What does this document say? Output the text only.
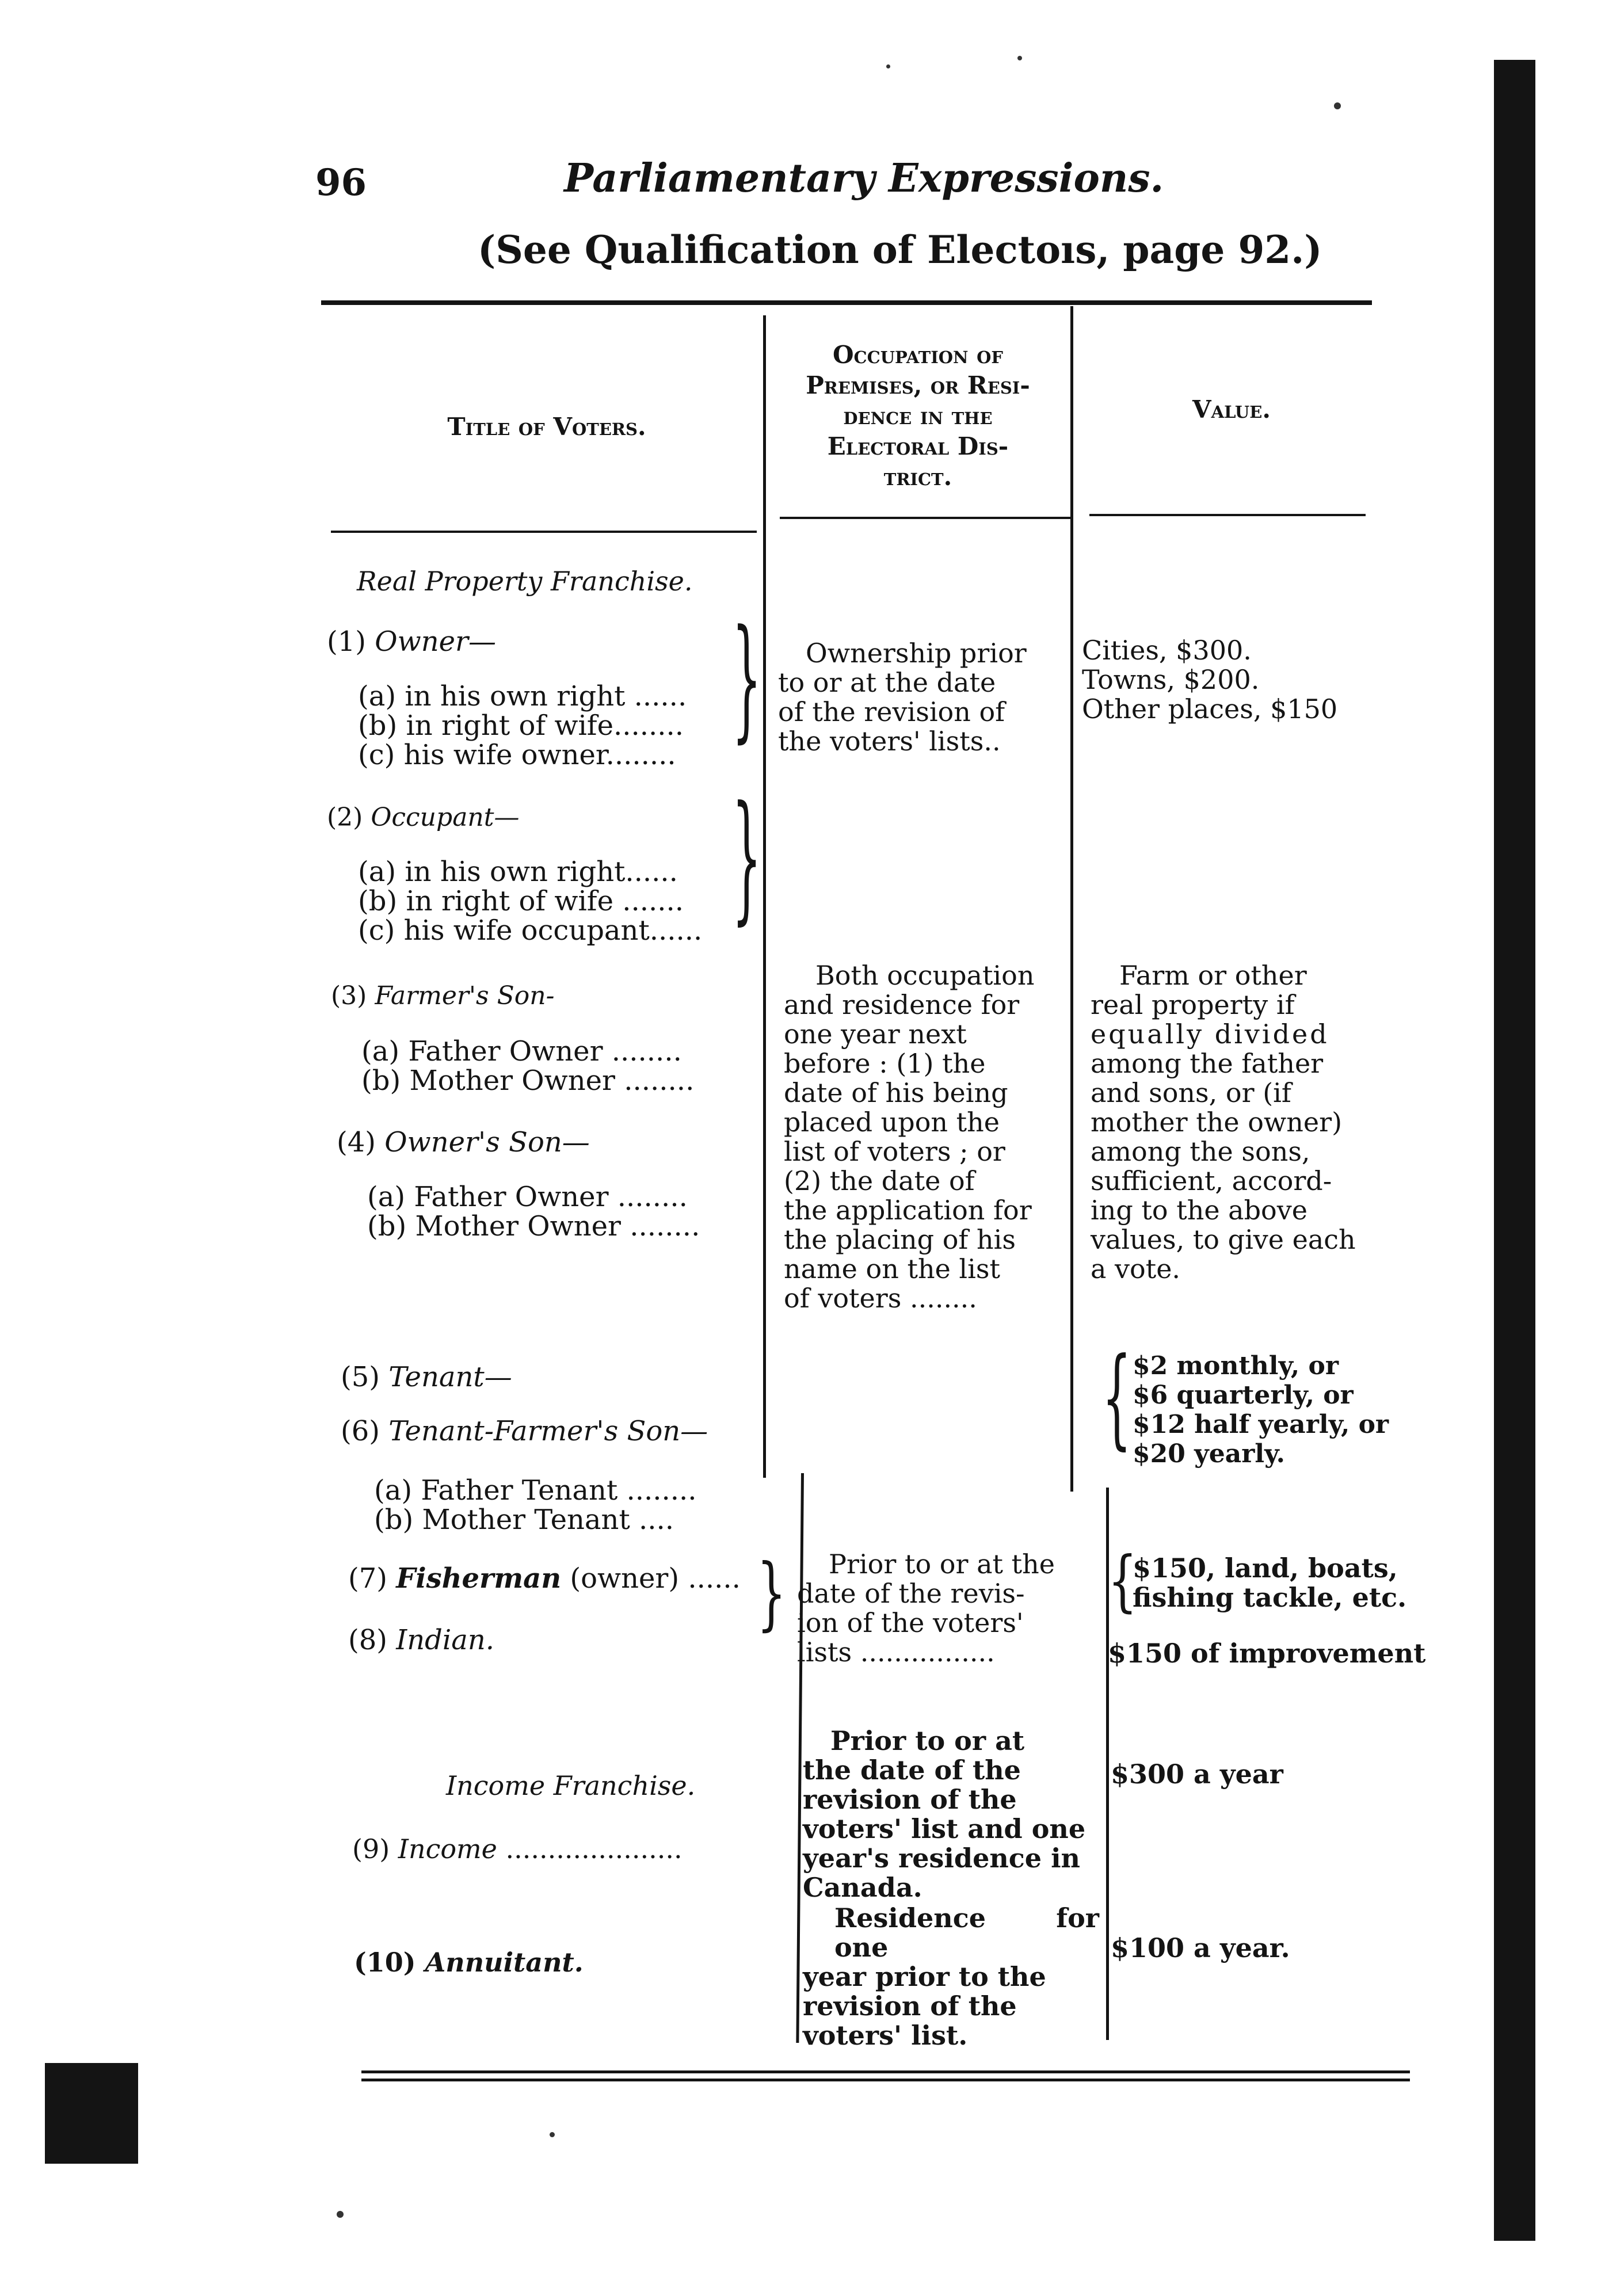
96	Parliamentary Expressions.
(See Qualification of Electoıs, page 92.)
Title of Voters.
Occupation of
Premises, or Resi-
dence in the
Electoral Dis-
trict.
Value.
Real Property Franchise.
(1) Owner—
(a) in his own right ......
(b) in right of wife........
(c) his wife owner........
(2) Occupant—
(a) in his own right......
(b) in right of wife .......
(c) his wife occupant......
(3) Farmer's Son-
(a) Father Owner ........
(b) Mother Owner ........
(4) Owner's Son—
(a) Father Owner ........
(b) Mother Owner ........
(5) Tenant—
(6) Tenant-Farmer's Son—
(a) Father Tenant ........
(b) Mother Tenant ....
(7) Fisherman (owner) ......
(8) Indian.
Income Franchise.
(9) Income .....................
(10) Annuitant.
}
}
}
Ownership prior
to or at the date
of the revision of
the voters' lists..
Both occupation
and residence for
one year next
before : (1) the
date of his being
placed upon the
list of voters ; or
(2) the date of
the application for
the placing of his
name on the list
of voters ........
Prior to or at the
date of the revis-
ion of the voters'
lists ................
Prior to or at
the date of the
revision of the
voters' list and one
year's residence in
Canada.
Residence for one
year prior to the
revision of the
voters' list.
Cities, $300.
Towns, $200.
Other places, $150
Farm or other
real property if
equally divided
among the father
and sons, or (if
mother the owner)
among the sons,
sufficient, accord-
ing to the above
values, to give each
a vote.
{ $2 monthly, or
$6 quarterly, or
$12 half yearly, or
$20 yearly.
{
$150, land, boats,
fishing tackle, etc.
$150 of improvement
$300 a year
$100 a year.
